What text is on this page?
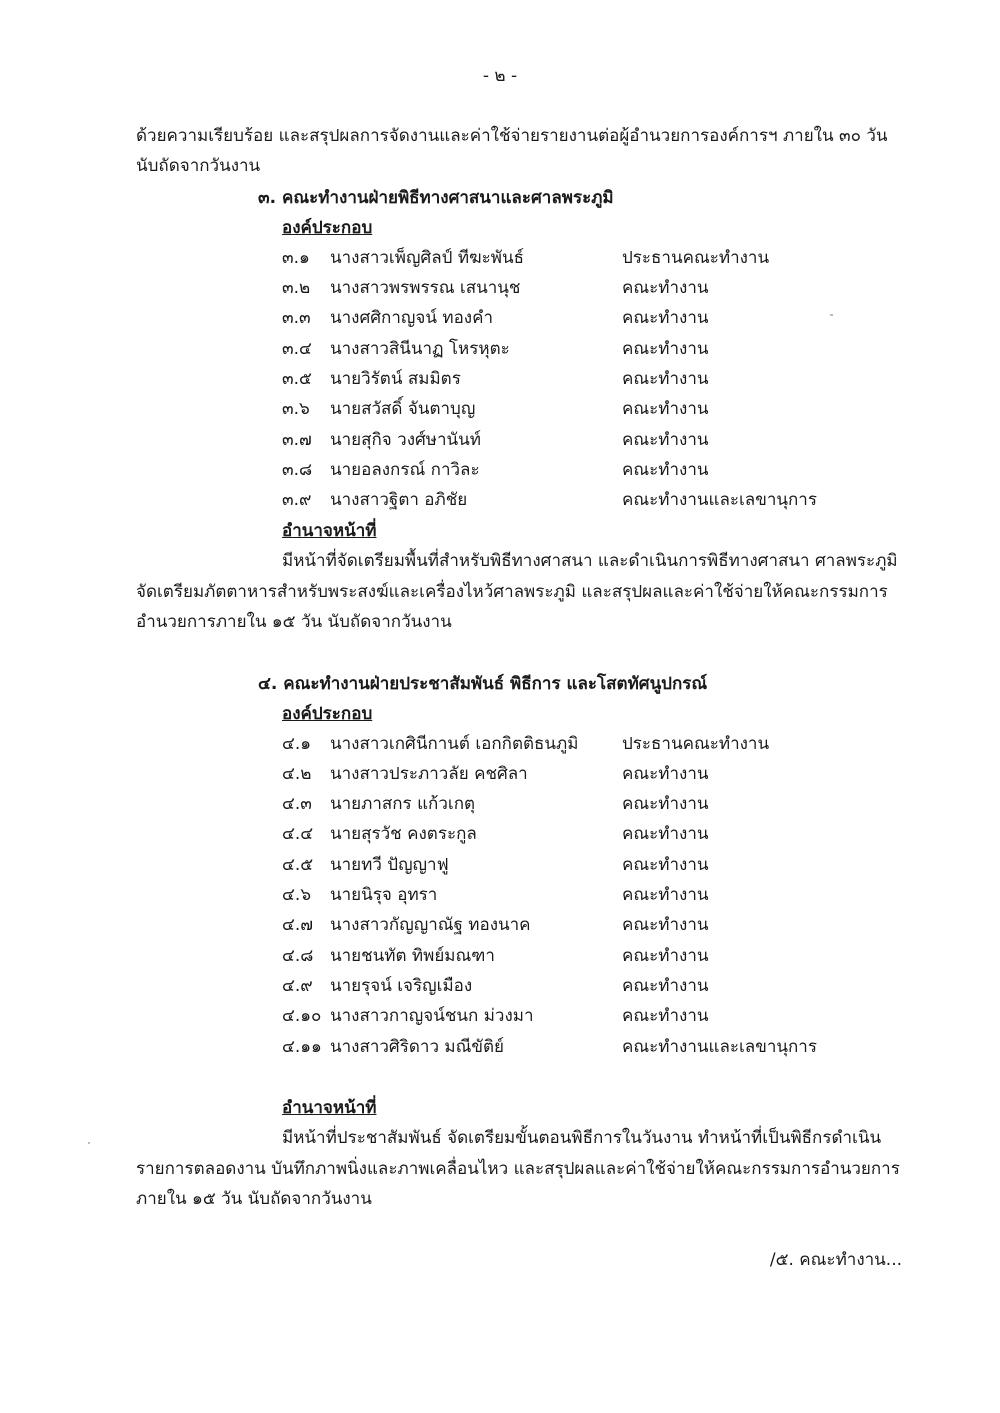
- ๒ -
ด้วยความเรียบร้อย และสรุปผลการจัดงานและค่าใช้จ่ายรายงานต่อผู้อำนวยการองค์การฯ ภายใน ๓๐ วัน
นับถัดจากวันงาน
๓. คณะทำงานฝ่ายพิธีทางศาสนาและศาลพระภูมิ
องค์ประกอบ
๓.๑ นางสาวเพ็ญศิลป์ ทีฆะพันธ์	ประธานคณะทำงาน
๓.๒ นางสาวพรพรรณ เสนานุช	คณะทำงาน
๓.๓ นางศศิกาญจน์ ทองคำ	คณะทำงาน
๓.๔ นางสาวสินีนาฏ โหรหุตะ	คณะทำงาน
๓.๕ นายวิรัตน์ สมมิตร	คณะทำงาน
๓.๖ นายสวัสดิ์ จันตาบุญ	คณะทำงาน
๓.๗ นายสุกิจ วงศ์ษานันท์	คณะทำงาน
๓.๘ นายอลงกรณ์ กาวิละ	คณะทำงาน
๓.๙ นางสาวฐิตา อภิชัย	คณะทำงานและเลขานุการ
อำนาจหน้าที่
มีหน้าที่จัดเตรียมพื้นที่สำหรับพิธีทางศาสนา และดำเนินการพิธีทางศาสนา ศาลพระภูมิ
จัดเตรียมภัตตาหารสำหรับพระสงฆ์และเครื่องไหว้ศาลพระภูมิ และสรุปผลและค่าใช้จ่ายให้คณะกรรมการ
อำนวยการภายใน ๑๕ วัน นับถัดจากวันงาน
๔. คณะทำงานฝ่ายประชาสัมพันธ์ พิธีการ และโสตทัศนูปกรณ์
องค์ประกอบ
๔.๑ นางสาวเกศินีกานต์ เอกกิตติธนภูมิ	ประธานคณะทำงาน
๔.๒ นางสาวประภาวลัย คชศิลา	คณะทำงาน
๔.๓ นายภาสกร แก้วเกตุ	คณะทำงาน
๔.๔ นายสุรวัช คงตระกูล	คณะทำงาน
๔.๕ นายทวี ปัญญาฟู	คณะทำงาน
๔.๖ นายนิรุจ อุทรา	คณะทำงาน
๔.๗ นางสาวกัญญาณัฐ ทองนาค	คณะทำงาน
๔.๘ นายชนทัต ทิพย์มณฑา	คณะทำงาน
๔.๙ นายรุจน์ เจริญเมือง	คณะทำงาน
๔.๑๐ นางสาวกาญจน์ชนก ม่วงมา	คณะทำงาน
๔.๑๑ นางสาวศิริดาว มณีขัติย์	คณะทำงานและเลขานุการ
อำนาจหน้าที่
มีหน้าที่ประชาสัมพันธ์ จัดเตรียมขั้นตอนพิธีการในวันงาน ทำหน้าที่เป็นพิธีกรดำเนิน
รายการตลอดงาน บันทึกภาพนิ่งและภาพเคลื่อนไหว และสรุปผลและค่าใช้จ่ายให้คณะกรรมการอำนวยการ
ภายใน ๑๕ วัน นับถัดจากวันงาน
/๕. คณะทำงาน...
